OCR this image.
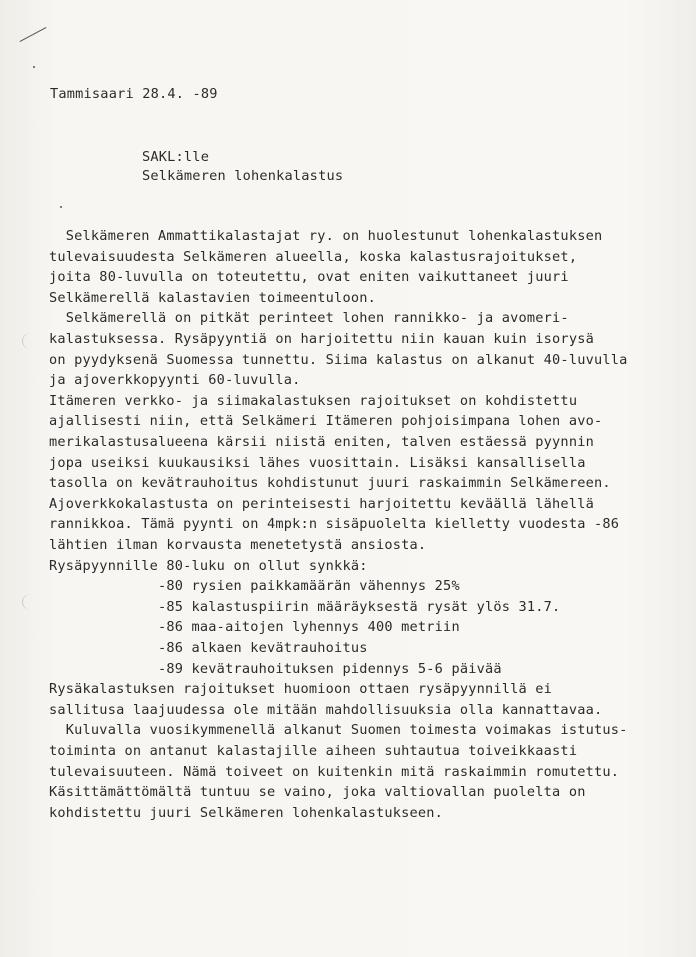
Tammisaari 28.4. -89
SAKL:lle
Selkämeren lohenkalastus
Selkämeren Ammattikalastajat ry. on huolestunut lohenkalastuksen
tulevaisuudesta Selkämeren alueella, koska kalastusrajoitukset,
joita 80-luvulla on toteutettu, ovat eniten vaikuttaneet juuri
Selkämerellä kalastavien toimeentuloon.
Selkämerellä on pitkät perinteet lohen rannikko- ja avomeri-
kalastuksessa. Rysäpyyntiä on harjoitettu niin kauan kuin isorysä
on pyydyksenä Suomessa tunnettu. Siima kalastus on alkanut 40-luvulla
ja ajoverkkopyynti 60-luvulla.
Itämeren verkko- ja siimakalastuksen rajoitukset on kohdistettu
ajallisesti niin, että Selkämeri Itämeren pohjoisimpana lohen avo-
merikalastusalueena kärsii niistä eniten, talven estäessä pyynnin
jopa useiksi kuukausiksi lähes vuosittain. Lisäksi kansallisella
tasolla on kevätrauhoitus kohdistunut juuri raskaimmin Selkämereen.
Ajoverkkokalastusta on perinteisesti harjoitettu keväällä lähellä
rannikkoa. Tämä pyynti on 4mpk:n sisäpuolelta kielletty vuodesta -86
lähtien ilman korvausta menetetystä ansiosta.
Rysäpyynnille 80-luku on ollut synkkä:
-80 rysien paikkamäärän vähennys 25%
-85 kalastuspiirin määräyksestä rysät ylös 31.7.
-86 maa-aitojen lyhennys 400 metriin
-86 alkaen kevätrauhoitus
-89 kevätrauhoituksen pidennys 5-6 päivää
Rysäkalastuksen rajoitukset huomioon ottaen rysäpyynnillä ei
sallitusa laajuudessa ole mitään mahdollisuuksia olla kannattavaa.
Kuluvalla vuosikymmenellä alkanut Suomen toimesta voimakas istutus-
toiminta on antanut kalastajille aiheen suhtautua toiveikkaasti
tulevaisuuteen. Nämä toiveet on kuitenkin mitä raskaimmin romutettu.
Käsittämättömältä tuntuu se vaino, joka valtiovallan puolelta on
kohdistettu juuri Selkämeren lohenkalastukseen.
